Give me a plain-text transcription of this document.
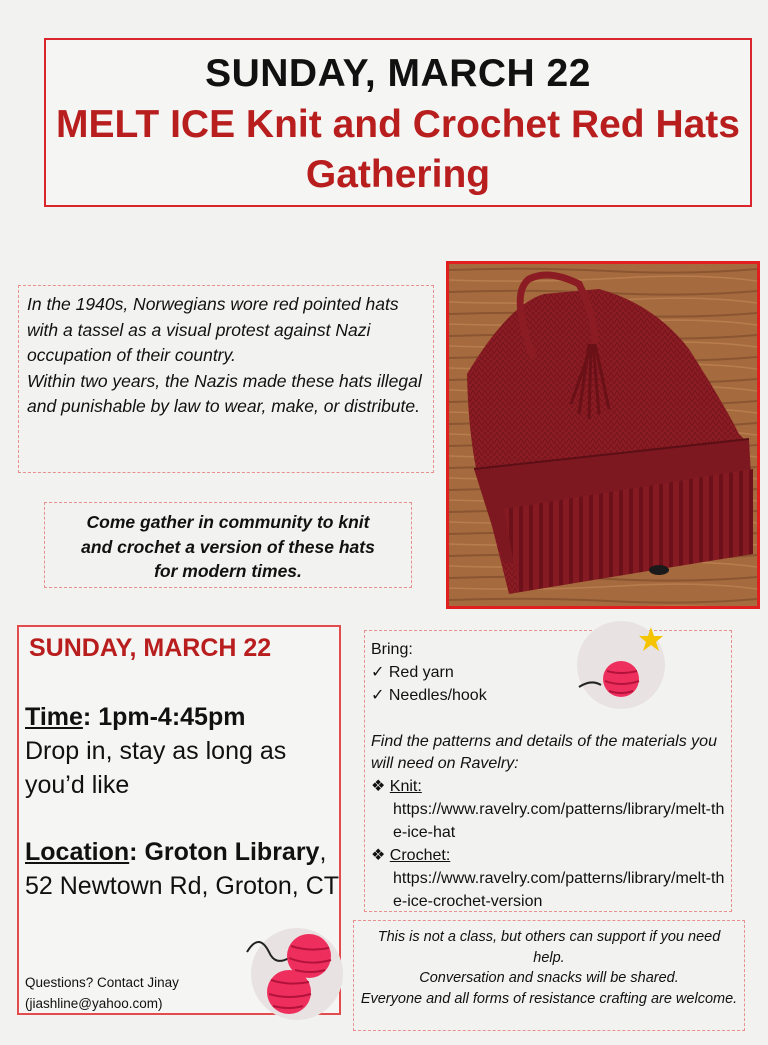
SUNDAY, MARCH 22
MELT ICE Knit and Crochet Red Hats Gathering
In the 1940s, Norwegians wore red pointed hats with a tassel as a visual protest against Nazi occupation of their country.
Within two years, the Nazis made these hats illegal and punishable by law to wear, make, or distribute.
Come gather in community to knit and crochet a version of these hats for modern times.
SUNDAY, MARCH 22
Time: 1pm-4:45pm
Drop in, stay as long as you’d like
Location: Groton Library, 52 Newtown Rd, Groton, CT
Questions? Contact Jinay
(jiashline@yahoo.com)
Bring:
✓ Red yarn
✓ Needles/hook
Find the patterns and details of the materials you will need on Ravelry:
❖ Knit:
https://www.ravelry.com/patterns/library/melt-the-ice-hat
❖ Crochet:
https://www.ravelry.com/patterns/library/melt-the-ice-crochet-version
This is not a class, but others can support if you need help.
Conversation and snacks will be shared.
Everyone and all forms of resistance crafting are welcome.
